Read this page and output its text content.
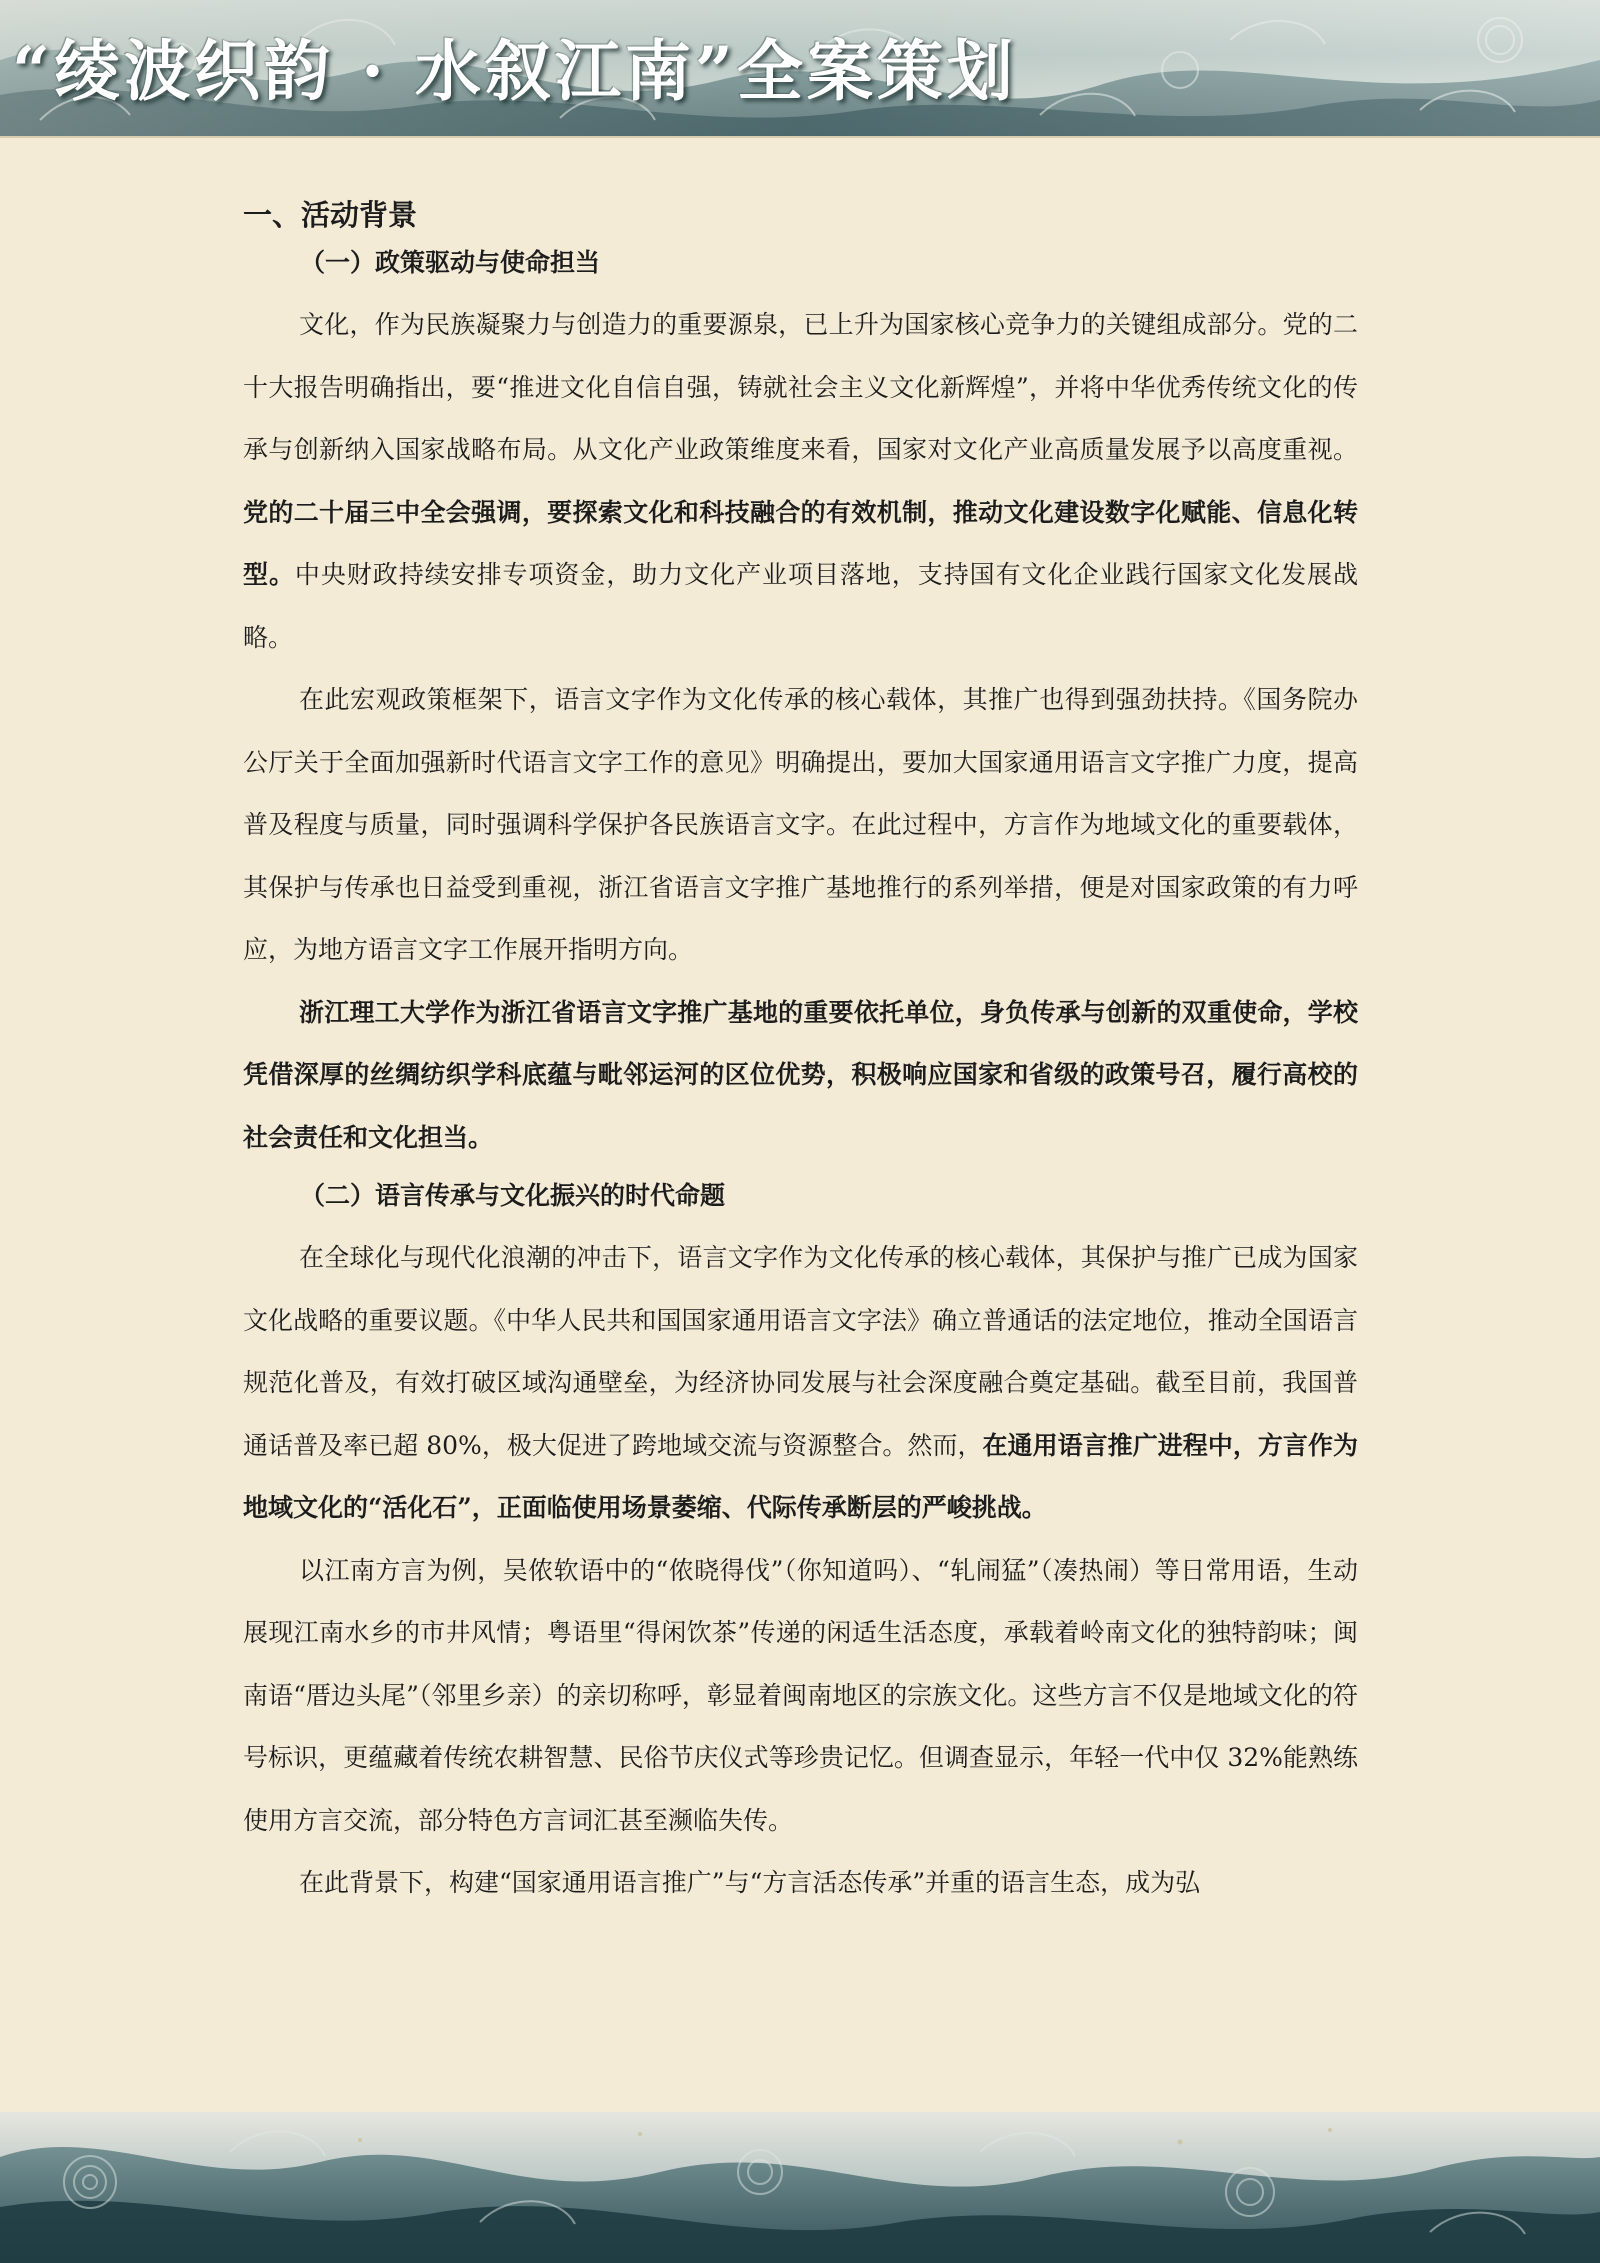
“绫波织韵 · 水叙江南”全案策划
一、活动背景
（一）政策驱动与使命担当

文化，作为民族凝聚力与创造力的重要源泉，已上升为国家核心竞争力的关键组成部分。党的二十大报告明确指出，要“推进文化自信自强，铸就社会主义文化新辉煌”，并将中华优秀传统文化的传承与创新纳入国家战略布局。从文化产业政策维度来看，国家对文化产业高质量发展予以高度重视。党的二十届三中全会强调，要探索文化和科技融合的有效机制，推动文化建设数字化赋能、信息化转型。中央财政持续安排专项资金，助力文化产业项目落地，支持国有文化企业践行国家文化发展战略。

在此宏观政策框架下，语言文字作为文化传承的核心载体，其推广也得到强劲扶持。《国务院办公厅关于全面加强新时代语言文字工作的意见》明确提出，要加大国家通用语言文字推广力度，提高普及程度与质量，同时强调科学保护各民族语言文字。在此过程中，方言作为地域文化的重要载体，其保护与传承也日益受到重视，浙江省语言文字推广基地推行的系列举措，便是对国家政策的有力呼应，为地方语言文字工作展开指明方向。

浙江理工大学作为浙江省语言文字推广基地的重要依托单位，身负传承与创新的双重使命，学校凭借深厚的丝绸纺织学科底蕴与毗邻运河的区位优势，积极响应国家和省级的政策号召，履行高校的社会责任和文化担当。

（二）语言传承与文化振兴的时代命题

在全球化与现代化浪潮的冲击下，语言文字作为文化传承的核心载体，其保护与推广已成为国家文化战略的重要议题。《中华人民共和国国家通用语言文字法》确立普通话的法定地位，推动全国语言规范化普及，有效打破区域沟通壁垒，为经济协同发展与社会深度融合奠定基础。截至目前，我国普通话普及率已超 80%，极大促进了跨地域交流与资源整合。然而，在通用语言推广进程中，方言作为地域文化的“活化石”，正面临使用场景萎缩、代际传承断层的严峻挑战。

以江南方言为例，吴侬软语中的“侬晓得伐”（你知道吗）、“轧闹猛”（凑热闹）等日常用语，生动展现江南水乡的市井风情；粤语里“得闲饮茶”传递的闲适生活态度，承载着岭南文化的独特韵味；闽南语“厝边头尾”（邻里乡亲）的亲切称呼，彰显着闽南地区的宗族文化。这些方言不仅是地域文化的符号标识，更蕴藏着传统农耕智慧、民俗节庆仪式等珍贵记忆。但调查显示，年轻一代中仅 32%能熟练使用方言交流，部分特色方言词汇甚至濒临失传。

在此背景下，构建“国家通用语言推广”与“方言活态传承”并重的语言生态，成为弘
